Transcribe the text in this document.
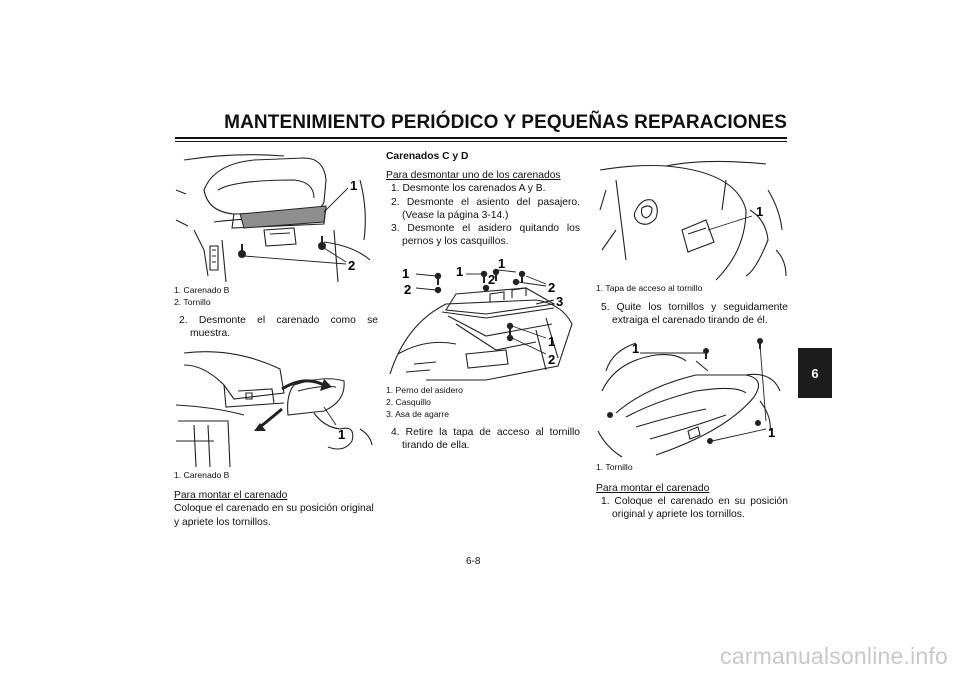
MANTENIMIENTO PERIÓDICO Y PEQUEÑAS REPARACIONES
6
1
2
1. Carenado B
2. Tornillo

2. Desmonte el carenado como se muestra.

1
1. Carenado B

Para montar el carenado

Coloque el carenado en su posición original y apriete los tornillos.

Carenados C y D

Para desmontar uno de los carenados

1. Desmonte los carenados A y B.

2. Desmonte el asiento del pasajero. (Vease la página 3-14.)

3. Desmonte el asidero quitando los pernos y los casquillos.

1	1
1
2
2
2
3
1
2
1. Perno del asidero
2. Casquillo
3. Asa de agarre

4. Retire la tapa de acceso al tornillo tirando de ella.

1
1. Tapa de acceso al tornillo

5. Quite los tornillos y seguidamente extraiga el carenado tirando de él.

1
1
1. Tornillo

Para montar el carenado

1. Coloque el carenado en su posición original y apriete los tornillos.

6-8
carmanualsonline.info
